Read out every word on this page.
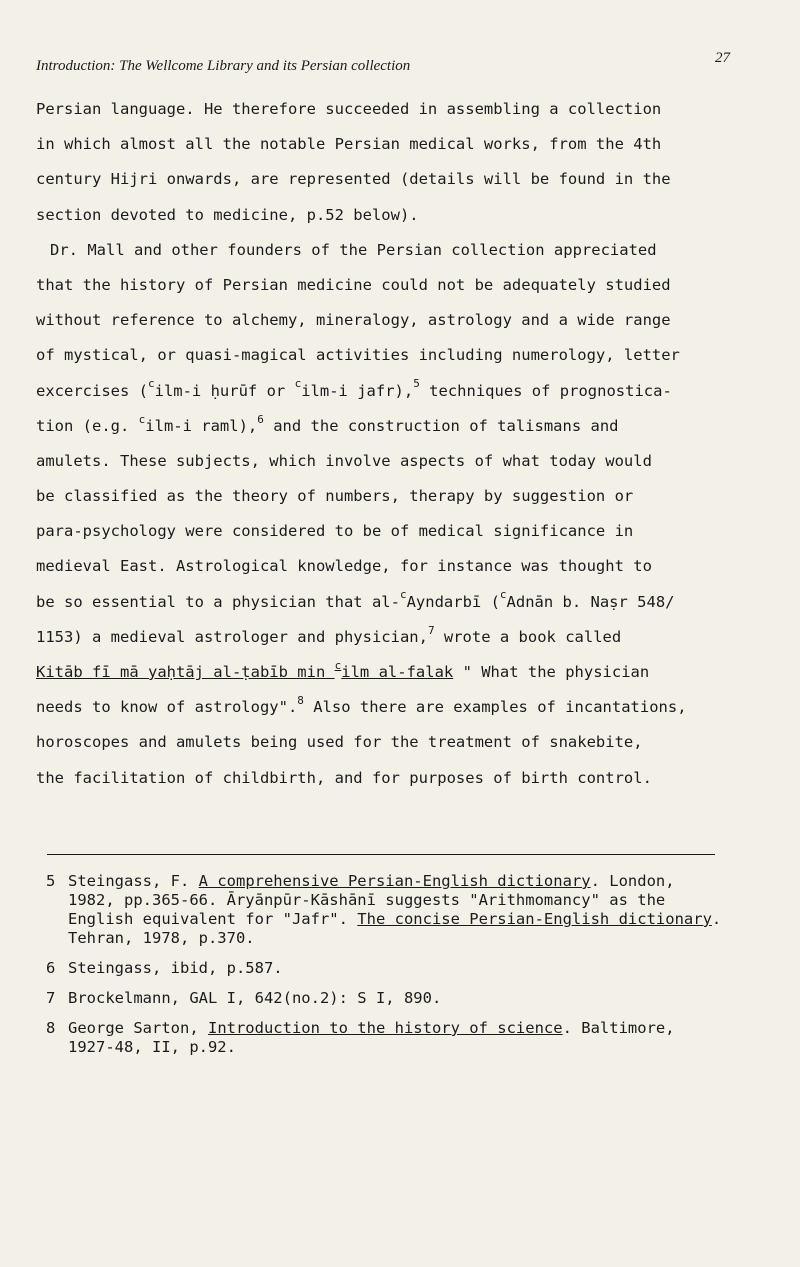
Introduction: The Wellcome Library and its Persian collection	27
Persian language. He therefore succeeded in assembling a collection
in which almost all the notable Persian medical works, from the 4th
century Hijri onwards, are represented (details will be found in the
section devoted to medicine, p.52 below).
Dr. Mall and other founders of the Persian collection appreciated
that the history of Persian medicine could not be adequately studied
without reference to alchemy, mineralogy, astrology and a wide range
of mystical, or quasi-magical activities including numerology, letter
excercises ($^c$ilm-i ḥurūf or $^c$ilm-i jafr),$^5$ techniques of prognostica-
tion (e.g. $^c$ilm-i raml),$^6$ and the construction of talismans and
amulets. These subjects, which involve aspects of what today would
be classified as the theory of numbers, therapy by suggestion or
para-psychology were considered to be of medical significance in
medieval East. Astrological knowledge, for instance was thought to
be so essential to a physician that al-$^c$Ayndarbī ($^c$Adnān b. Naṣr 548/
1153) a medieval astrologer and physician,$^7$ wrote a book called
Kitāb fī mā yaḥtāj al-ṭabīb min $^c$ilm al-falak " What the physician
needs to know of astrology".$^8$ Also there are examples of incantations,
horoscopes and amulets being used for the treatment of snakebite,
the facilitation of childbirth, and for purposes of birth control.
5 Steingass, F. A comprehensive Persian-English dictionary. London,
1982, pp.365-66. Āryānpūr-Kāshānī suggests "Arithmomancy" as the
English equivalent for "Jafr". The concise Persian-English dictionary.
Tehran, 1978, p.370.
6 Steingass, ibid, p.587.
7 Brockelmann, GAL I, 642(no.2): S I, 890.
8 George Sarton, Introduction to the history of science. Baltimore,
1927-48, II, p.92.
